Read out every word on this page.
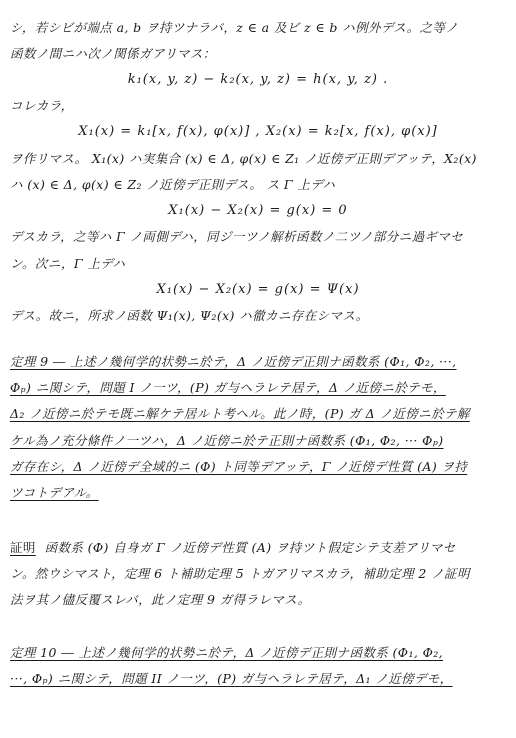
シ，若シビが端点 a, b ヲ持ツナラバ，z ∈ a 及ビ z ∈ b ハ例外デス。之等ノ
函数ノ間ニハ次ノ関係ガアリマス：
k₁(x, y, z) − k₂(x, y, z) = h(x, y, z) .
コレカラ，
X₁(x) = k₁[x, f(x), φ(x)] , X₂(x) = k₂[x, f(x), φ(x)]
ヲ作リマス。 X₁(x) ハ実集合 (x) ∈ Δ, φ(x) ∈ Z₁ ノ近傍デ正則デアッテ，X₂(x)
ハ (x) ∈ Δ, φ(x) ∈ Z₂ ノ近傍デ正則デス。 ス Γ 上デハ
X₁(x) − X₂(x) = g(x) = 0
デスカラ，之等ハ Γ ノ両側デハ，同ジ一ツノ解析函数ノ二ツノ部分ニ過ギマセ
ン。次ニ，Γ 上デハ
X₁(x) − X₂(x) = g(x) = Ψ(x)
デス。故ニ，所求ノ函数 Ψ₁(x), Ψ₂(x) ハ徹カニ存在シマス。
定理 9 ― 上述ノ幾何学的状勢ニ於テ，Δ ノ近傍デ正則ナ函数系 (Φ₁, Φ₂, ···,
Φₚ) ニ関シテ，問題 I ノ一ツ，(P) ガ与ヘラレテ居テ，Δ ノ近傍ニ於テモ，
Δ₂ ノ近傍ニ於テモ既ニ解ケテ居ルト考ヘル。此ノ時，(P) ガ Δ ノ近傍ニ於テ解
ケル為ノ充分條件ノ一ツハ，Δ ノ近傍ニ於テ正則ナ函数系 (Φ₁, Φ₂, ··· Φₚ)
ガ存在シ，Δ ノ近傍デ全域的ニ (Φ) ト同等デアッテ，Γ ノ近傍デ性質 (A) ヲ持
ツコトデアル。
証明 函数系 (Φ) 自身ガ Γ ノ近傍デ性質 (A) ヲ持ツト假定シテ支差アリマセ
ン。然ウシマスト，定理 6 ト補助定理 5 トガアリマスカラ，補助定理 2 ノ証明
法ヲ其ノ儘反覆スレバ，此ノ定理 9 ガ得ラレマス。
定理 10 ― 上述ノ幾何学的状勢ニ於テ，Δ ノ近傍デ正則ナ函数系 (Φ₁, Φ₂,
···, Φₚ) ニ関シテ，問題 II ノ一ツ，(P) ガ与ヘラレテ居テ，Δ₁ ノ近傍デモ，
